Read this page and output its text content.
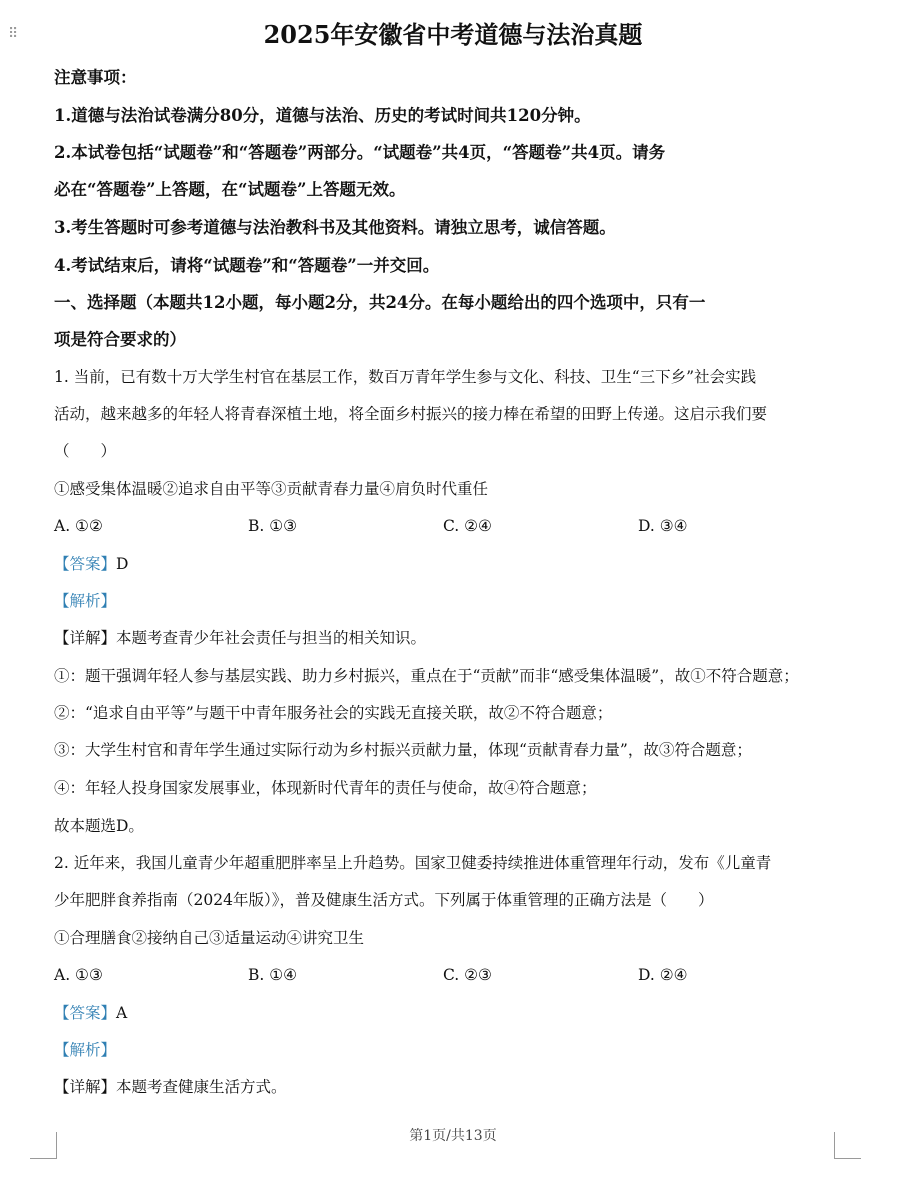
⠿	2025年安徽省中考道德与法治真题
注意事项：
1.道德与法治试卷满分80分，道德与法治、历史的考试时间共120分钟。
2.本试卷包括“试题卷”和“答题卷”两部分。“试题卷”共4页，“答题卷”共4页。请务
必在“答题卷”上答题，在“试题卷”上答题无效。
3.考生答题时可参考道德与法治教科书及其他资料。请独立思考，诚信答题。
4.考试结束后，请将“试题卷”和“答题卷”一并交回。
一、选择题（本题共12小题，每小题2分，共24分。在每小题给出的四个选项中，只有一
项是符合要求的）
1. 当前，已有数十万大学生村官在基层工作，数百万青年学生参与文化、科技、卫生“三下乡”社会实践
活动，越来越多的年轻人将青春深植土地，将全面乡村振兴的接力棒在希望的田野上传递。这启示我们要
（　　）
①感受集体温暖②追求自由平等③贡献青春力量④肩负时代重任
A. ①②	B. ①③	C. ②④	D. ③④
【答案】D
【解析】
【详解】本题考查青少年社会责任与担当的相关知识。
①：题干强调年轻人参与基层实践、助力乡村振兴，重点在于“贡献”而非“感受集体温暖”，故①不符合题意；
②：“追求自由平等”与题干中青年服务社会的实践无直接关联，故②不符合题意；
③：大学生村官和青年学生通过实际行动为乡村振兴贡献力量，体现“贡献青春力量”，故③符合题意；
④：年轻人投身国家发展事业，体现新时代青年的责任与使命，故④符合题意；
故本题选D。
2. 近年来，我国儿童青少年超重肥胖率呈上升趋势。国家卫健委持续推进体重管理年行动，发布《儿童青
少年肥胖食养指南（2024年版）》，普及健康生活方式。下列属于体重管理的正确方法是（　　）
①合理膳食②接纳自己③适量运动④讲究卫生
A. ①③	B. ①④	C. ②③	D. ②④
【答案】A
【解析】
【详解】本题考查健康生活方式。
第1页/共13页
